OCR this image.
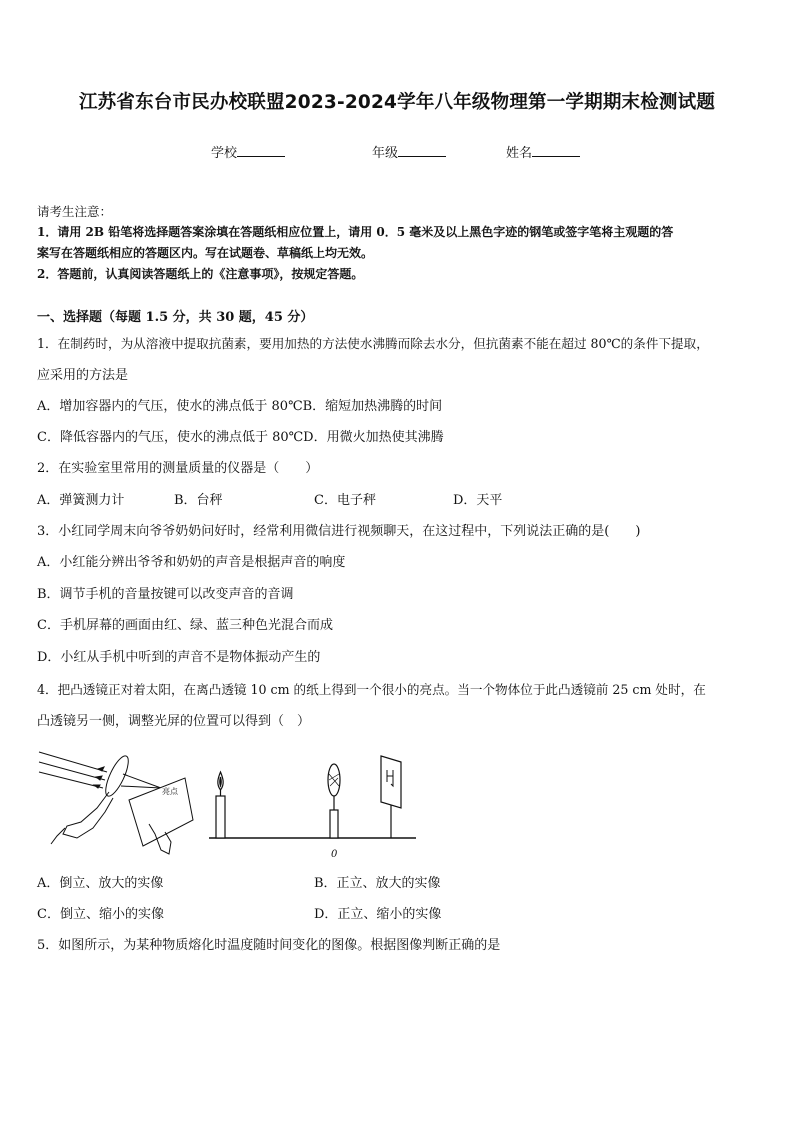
江苏省东台市民办校联盟2023-2024学年八年级物理第一学期期末检测试题
学校	年级	姓名
请考生注意：
1．请用 2B 铅笔将选择题答案涂填在答题纸相应位置上，请用 0．5 毫米及以上黑色字迹的钢笔或签字笔将主观题的答
案写在答题纸相应的答题区内。写在试题卷、草稿纸上均无效。
2．答题前，认真阅读答题纸上的《注意事项》，按规定答题。
一、选择题（每题 1.5 分，共 30 题，45 分）
1．在制药时，为从溶液中提取抗菌素，要用加热的方法使水沸腾而除去水分，但抗菌素不能在超过 80℃的条件下提取，
应采用的方法是
A．增加容器内的气压，使水的沸点低于 80℃B．缩短加热沸腾的时间
C．降低容器内的气压，使水的沸点低于 80℃D．用微火加热使其沸腾
2．在实验室里常用的测量质量的仪器是（　　）
A．弹簧测力计	B．台秤	C．电子秤	D．天平
3．小红同学周末向爷爷奶奶问好时，经常利用微信进行视频聊天，在这过程中，下列说法正确的是(　　)
A．小红能分辨出爷爷和奶奶的声音是根据声音的响度
B．调节手机的音量按键可以改变声音的音调
C．手机屏幕的画面由红、绿、蓝三种色光混合而成
D．小红从手机中听到的声音不是物体振动产生的
4．把凸透镜正对着太阳，在离凸透镜 10 cm 的纸上得到一个很小的亮点。当一个物体位于此凸透镜前 25 cm 处时，在
凸透镜另一侧，调整光屏的位置可以得到（　）
亮点
0
A．倒立、放大的实像	B．正立、放大的实像
C．倒立、缩小的实像	D．正立、缩小的实像
5．如图所示，为某种物质熔化时温度随时间变化的图像。根据图像判断正确的是
